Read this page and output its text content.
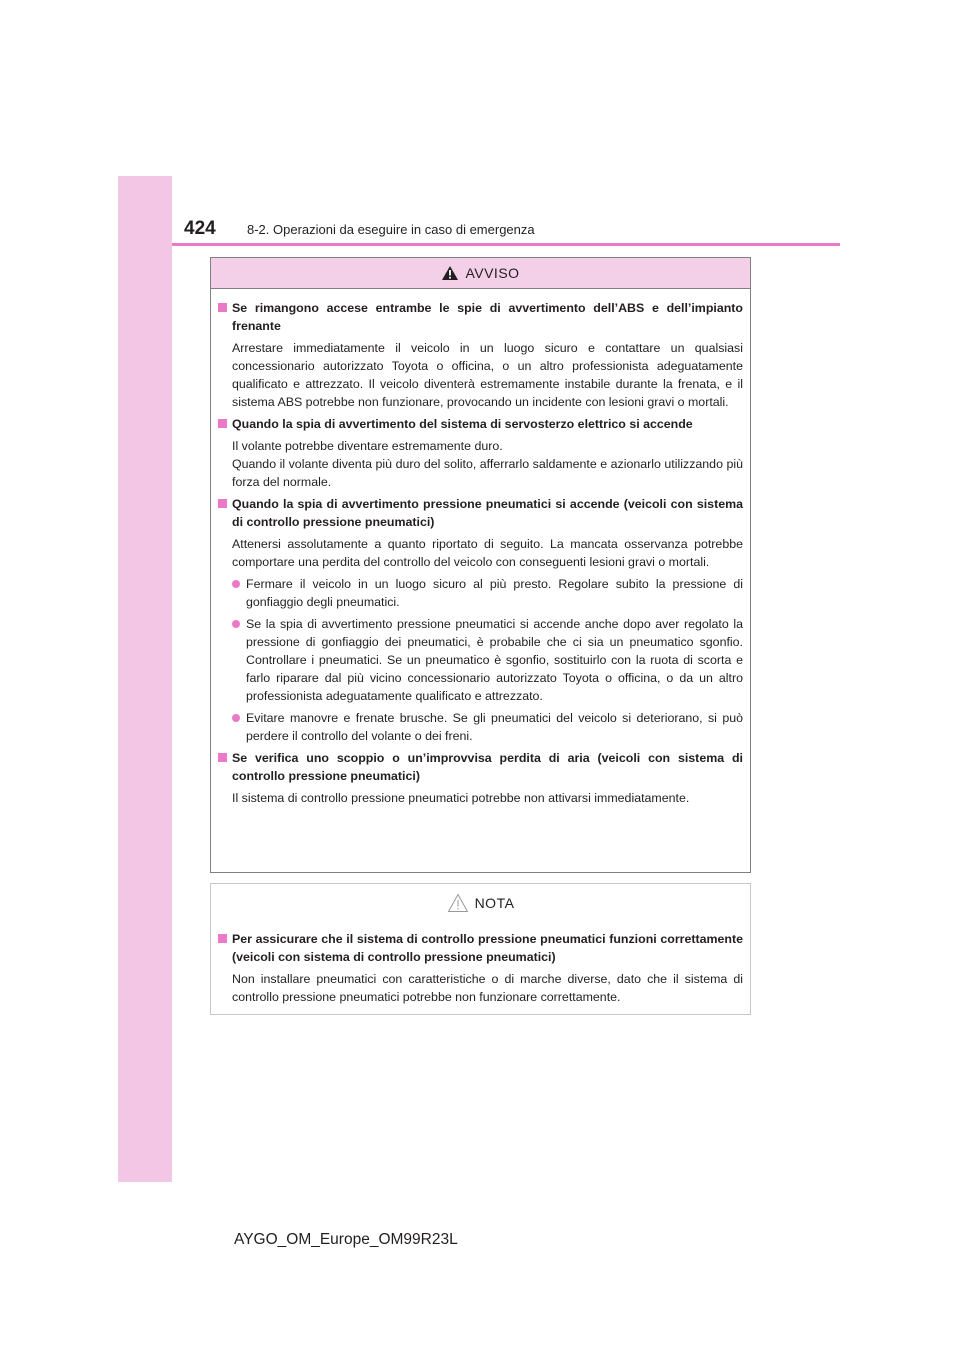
424 8-2. Operazioni da eseguire in caso di emergenza
AVVISO
Se rimangono accese entrambe le spie di avvertimento dell’ABS e dell’impianto frenante
Arrestare immediatamente il veicolo in un luogo sicuro e contattare un qualsiasi concessionario autorizzato Toyota o officina, o un altro professionista adeguatamente qualificato e attrezzato. Il veicolo diventerà estremamente instabile durante la frenata, e il sistema ABS potrebbe non funzionare, provocando un incidente con lesioni gravi o mortali.
Quando la spia di avvertimento del sistema di servosterzo elettrico si accende
Il volante potrebbe diventare estremamente duro.
Quando il volante diventa più duro del solito, afferrarlo saldamente e azionarlo utilizzando più forza del normale.
Quando la spia di avvertimento pressione pneumatici si accende (veicoli con sistema di controllo pressione pneumatici)
Attenersi assolutamente a quanto riportato di seguito. La mancata osservanza potrebbe comportare una perdita del controllo del veicolo con conseguenti lesioni gravi o mortali.
Fermare il veicolo in un luogo sicuro al più presto. Regolare subito la pressione di gonfiaggio degli pneumatici.
Se la spia di avvertimento pressione pneumatici si accende anche dopo aver regolato la pressione di gonfiaggio dei pneumatici, è probabile che ci sia un pneumatico sgonfio. Controllare i pneumatici. Se un pneumatico è sgonfio, sostituirlo con la ruota di scorta e farlo riparare dal più vicino concessionario autorizzato Toyota o officina, o da un altro professionista adeguatamente qualificato e attrezzato.
Evitare manovre e frenate brusche. Se gli pneumatici del veicolo si deteriorano, si può perdere il controllo del volante o dei freni.
Se verifica uno scoppio o un’improvvisa perdita di aria (veicoli con sistema di controllo pressione pneumatici)
Il sistema di controllo pressione pneumatici potrebbe non attivarsi immediatamente.
NOTA
Per assicurare che il sistema di controllo pressione pneumatici funzioni correttamente (veicoli con sistema di controllo pressione pneumatici)
Non installare pneumatici con caratteristiche o di marche diverse, dato che il sistema di controllo pressione pneumatici potrebbe non funzionare correttamente.
AYGO_OM_Europe_OM99R23L
